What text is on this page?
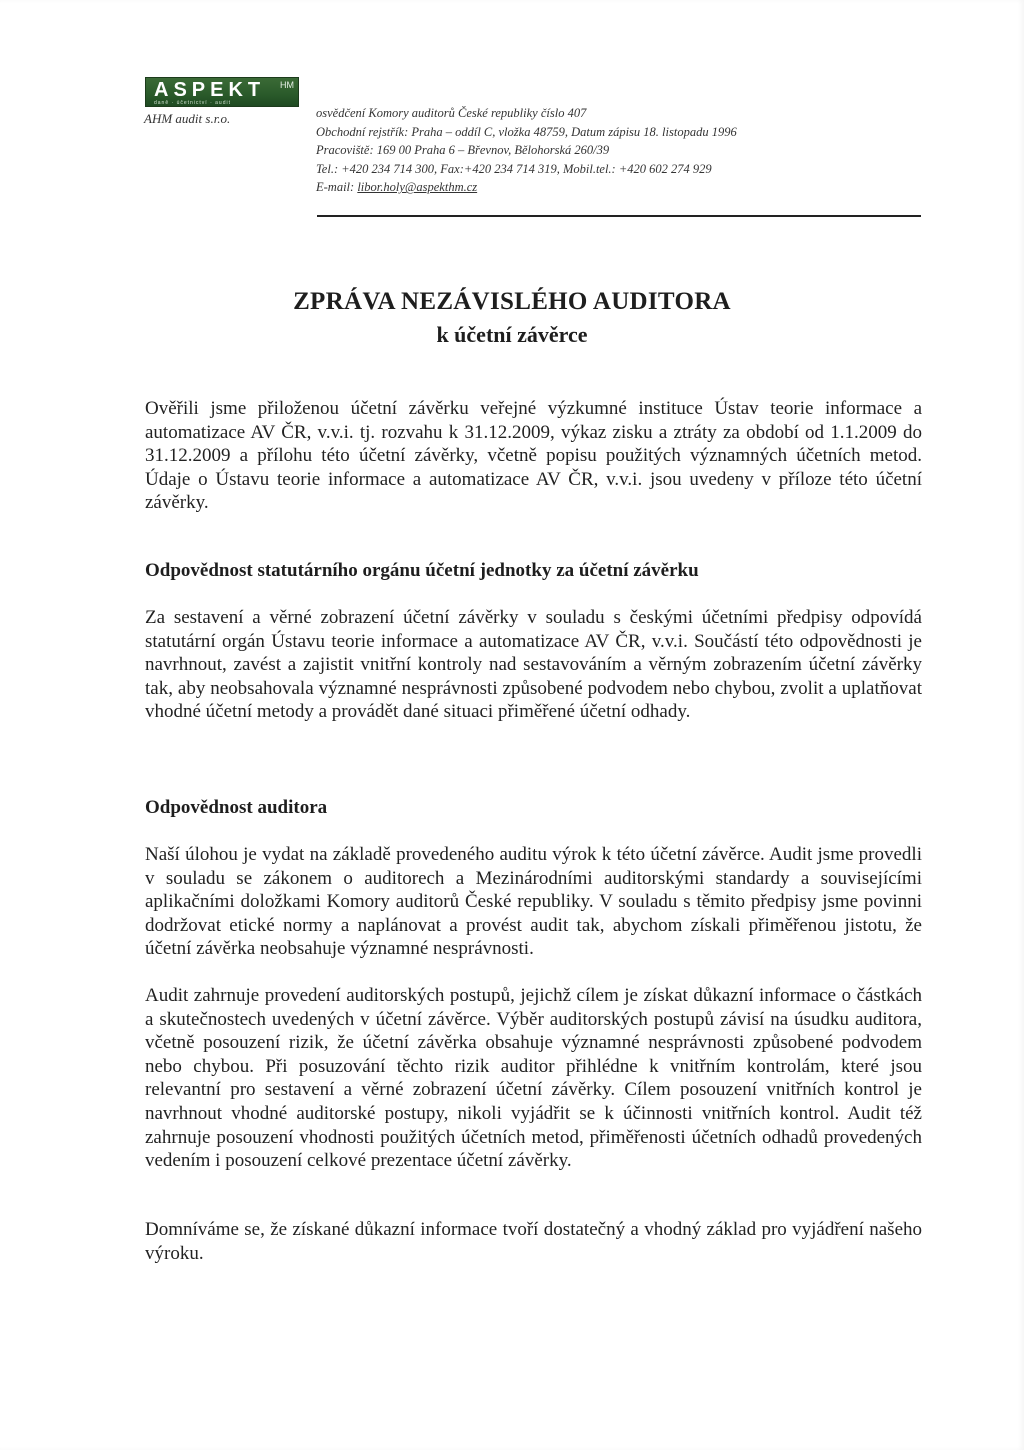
ASPEKT HM
daně · účetnictví · audit
AHM audit s.r.o.	osvědčení Komory auditorů České republiky číslo 407
Obchodní rejstřík: Praha – oddíl C, vložka 48759, Datum zápisu 18. listopadu 1996
Pracoviště: 169 00 Praha 6 – Břevnov, Bělohorská 260/39
Tel.: +420 234 714 300, Fax:+420 234 714 319, Mobil.tel.: +420 602 274 929
E-mail: libor.holy@aspekthm.cz
ZPRÁVA NEZÁVISLÉHO AUDITORA
k účetní závěrce
Ověřili jsme přiloženou účetní závěrku veřejné výzkumné instituce Ústav teorie informace a automatizace AV ČR, v.v.i. tj. rozvahu k 31.12.2009, výkaz zisku a ztráty za období od 1.1.2009 do 31.12.2009 a přílohu této účetní závěrky, včetně popisu použitých významných účetních metod. Údaje o Ústavu teorie informace a automatizace AV ČR, v.v.i. jsou uvedeny v příloze této účetní závěrky.
Odpovědnost statutárního orgánu účetní jednotky za účetní závěrku
Za sestavení a věrné zobrazení účetní závěrky v souladu s českými účetními předpisy odpovídá statutární orgán Ústavu teorie informace a automatizace AV ČR, v.v.i. Součástí této odpovědnosti je navrhnout, zavést a zajistit vnitřní kontroly nad sestavováním a věrným zobrazením účetní závěrky tak, aby neobsahovala významné nesprávnosti způsobené podvodem nebo chybou, zvolit a uplatňovat vhodné účetní metody a provádět dané situaci přiměřené účetní odhady.
Odpovědnost auditora
Naší úlohou je vydat na základě provedeného auditu výrok k této účetní závěrce. Audit jsme provedli v souladu se zákonem o auditorech a Mezinárodními auditorskými standardy a souvisejícími aplikačními doložkami Komory auditorů České republiky. V souladu s těmito předpisy jsme povinni dodržovat etické normy a naplánovat a provést audit tak, abychom získali přiměřenou jistotu, že účetní závěrka neobsahuje významné nesprávnosti.
Audit zahrnuje provedení auditorských postupů, jejichž cílem je získat důkazní informace o částkách a skutečnostech uvedených v účetní závěrce. Výběr auditorských postupů závisí na úsudku auditora, včetně posouzení rizik, že účetní závěrka obsahuje významné nesprávnosti způsobené podvodem nebo chybou. Při posuzování těchto rizik auditor přihlédne k vnitřním kontrolám, které jsou relevantní pro sestavení a věrné zobrazení účetní závěrky. Cílem posouzení vnitřních kontrol je navrhnout vhodné auditorské postupy, nikoli vyjádřit se k účinnosti vnitřních kontrol. Audit též zahrnuje posouzení vhodnosti použitých účetních metod, přiměřenosti účetních odhadů provedených vedením i posouzení celkové prezentace účetní závěrky.
Domníváme se, že získané důkazní informace tvoří dostatečný a vhodný základ pro vyjádření našeho výroku.
